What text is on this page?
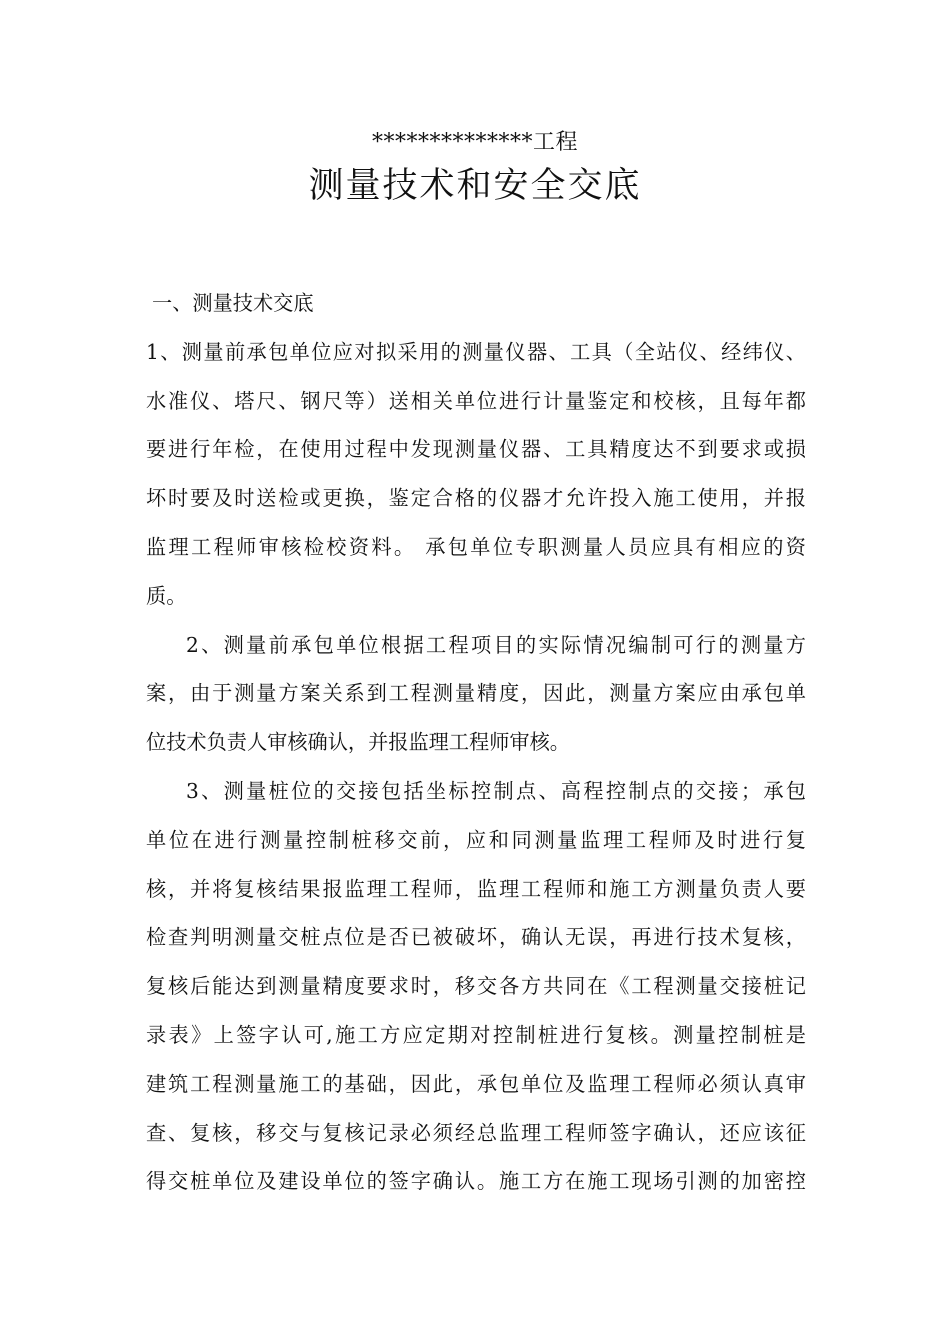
**************工程
测量技术和安全交底
一、测量技术交底
1、测量前承包单位应对拟采用的测量仪器、工具（全站仪、经纬仪、
水准仪、塔尺、钢尺等）送相关单位进行计量鉴定和校核，且每年都
要进行年检，在使用过程中发现测量仪器、工具精度达不到要求或损
坏时要及时送检或更换，鉴定合格的仪器才允许投入施工使用，并报
监理工程师审核检校资料。 承包单位专职测量人员应具有相应的资
质。
2、测量前承包单位根据工程项目的实际情况编制可行的测量方
案，由于测量方案关系到工程测量精度，因此，测量方案应由承包单
位技术负责人审核确认，并报监理工程师审核。
3、测量桩位的交接包括坐标控制点、高程控制点的交接；承包
单位在进行测量控制桩移交前，应和同测量监理工程师及时进行复
核，并将复核结果报监理工程师，监理工程师和施工方测量负责人要
检查判明测量交桩点位是否已被破坏，确认无误，再进行技术复核，
复核后能达到测量精度要求时，移交各方共同在《工程测量交接桩记
录表》上签字认可,施工方应定期对控制桩进行复核。测量控制桩是
建筑工程测量施工的基础，因此，承包单位及监理工程师必须认真审
查、复核，移交与复核记录必须经总监理工程师签字确认，还应该征
得交桩单位及建设单位的签字确认。施工方在施工现场引测的加密控
